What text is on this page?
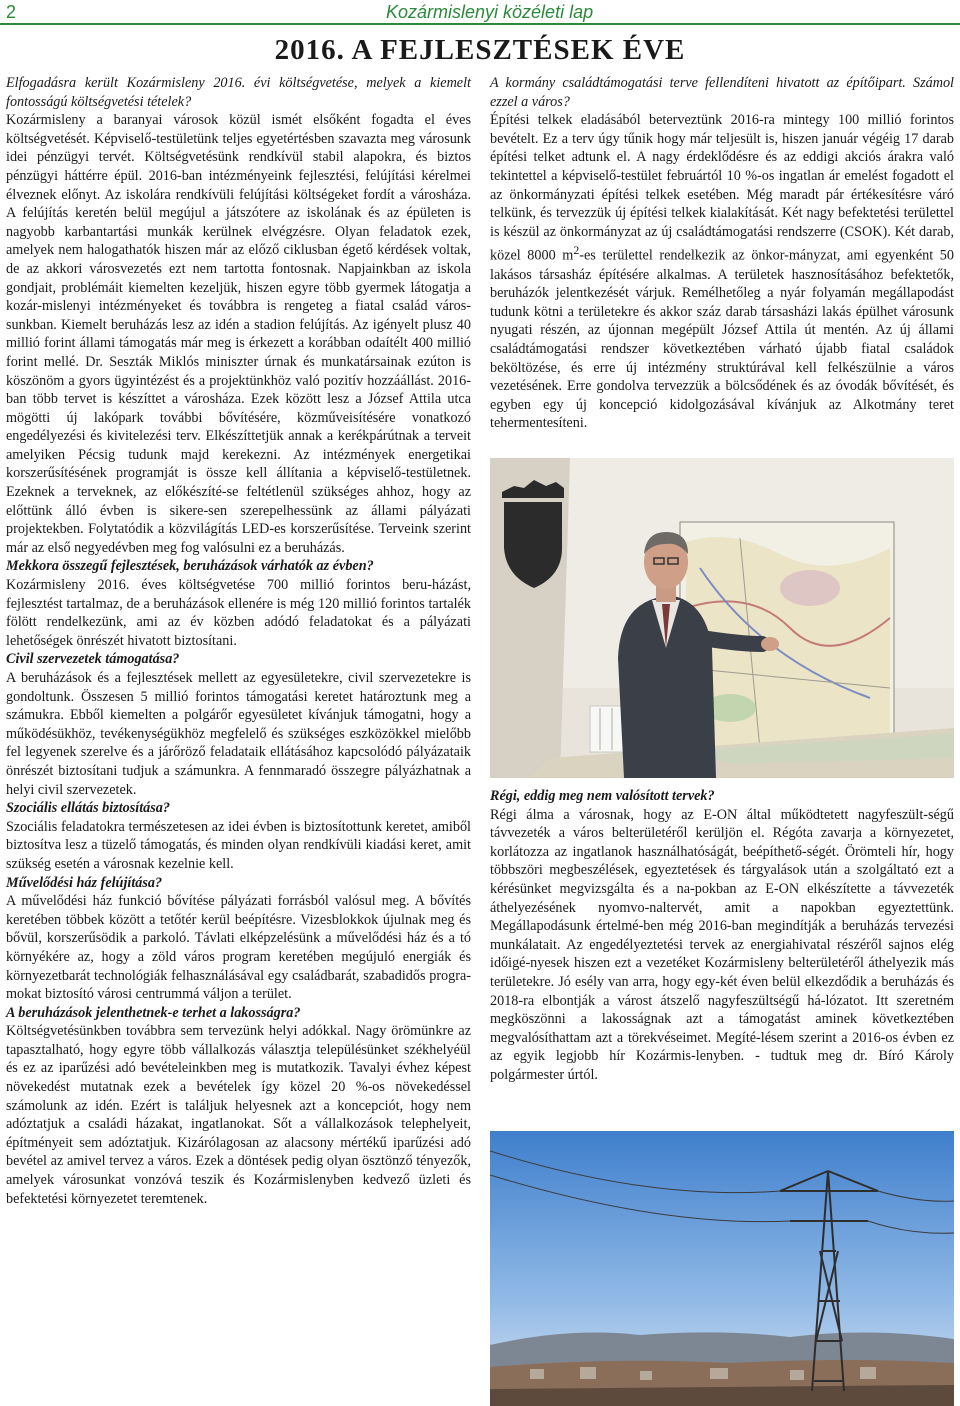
2	Kozármislenyi közéleti lap
2016. A FEJLESZTÉSEK ÉVE

Elfogadásra került Kozármisleny 2016. évi költségvetése, melyek a kiemelt fontosságú költségvetési tételek?

Kozármisleny a baranyai városok közül ismét elsőként fogadta el éves költségvetését. Képviselő-testületünk teljes egyetértésben szavazta meg városunk idei pénzügyi tervét. Költségvetésünk rendkívül stabil alapokra, és biztos pénzügyi háttérre épül. 2016-ban intézményeink fejlesztési, felújítási kérelmei élveznek előnyt. Az iskolára rendkívüli felújítási költségeket fordít a városháza. A felújítás keretén belül megújul a játszótere az iskolának és az épületen is nagyobb karbantartási munkák kerülnek elvégzésre. Olyan feladatok ezek, amelyek nem halogathatók hiszen már az előző ciklusban égető kérdések voltak, de az akkori városvezetés ezt nem tartotta fontosnak. Napjainkban az iskola gondjait, problémáit kiemelten kezeljük, hiszen egyre több gyermek látogatja a kozár-mislenyi intézményeket és továbbra is rengeteg a fiatal család város-sunkban. Kiemelt beruházás lesz az idén a stadion felújítás. Az igényelt plusz 40 millió forint állami támogatás már meg is érkezett a korábban odaítélt 400 millió forint mellé. Dr. Seszták Miklós miniszter úrnak és munkatársainak ezúton is köszönöm a gyors ügyintézést és a projektünkhöz való pozitív hozzáállást. 2016-ban több tervet is készíttet a városháza. Ezek között lesz a József Attila utca mögötti új lakópark további bővítésére, közműveisítésére vonatkozó engedélyezési és kivitelezési terv. Elkészíttetjük annak a kerékpárútnak a terveit amelyiken Pécsig tudunk majd kerekezni. Az intézmények energetikai korszerűsítésének programját is össze kell állítania a képviselő-testületnek. Ezeknek a terveknek, az előkészíté-se feltétlenül szükséges ahhoz, hogy az előttünk álló évben is sikere-sen szerepelhessünk az állami pályázati projektekben. Folytatódik a közvilágítás LED-es korszerűsítése. Terveink szerint már az első negyedévben meg fog valósulni ez a beruházás.

Mekkora összegű fejlesztések, beruházások várhatók az évben?

Kozármisleny 2016. éves költségvetése 700 millió forintos beru-házást, fejlesztést tartalmaz, de a beruházások ellenére is még 120 millió forintos tartalék fölött rendelkezünk, ami az év közben adódó feladatokat és a pályázati lehetőségek önrészét hivatott biztosítani.

Civil szervezetek támogatása?

A beruházások és a fejlesztések mellett az egyesületekre, civil szervezetekre is gondoltunk. Összesen 5 millió forintos támogatási keretet határoztunk meg a számukra. Ebből kiemelten a polgárőr egyesületet kívánjuk támogatni, hogy a működésükhöz, tevékenységükhöz megfelelő és szükséges eszközökkel mielőbb fel legyenek szerelve és a járőröző feladataik ellátásához kapcsolódó pályázataik önrészét biztosítani tudjuk a számunkra. A fennmaradó összegre pályázhatnak a helyi civil szervezetek.

Szociális ellátás biztosítása?

Szociális feladatokra természetesen az idei évben is biztosítottunk keretet, amiből biztosítva lesz a tüzelő támogatás, és minden olyan rendkívüli kiadási keret, amit szükség esetén a városnak kezelnie kell.

Művelődési ház felújítása?

A művelődési ház funkció bővítése pályázati forrásból valósul meg. A bővítés keretében többek között a tetőtér kerül beépítésre. Vizesblokkok újulnak meg és bővül, korszerűsödik a parkoló. Távlati elképzelésünk a művelődési ház és a tó környékére az, hogy a zöld város program keretében megújuló energiák és környezetbarát technológiák felhasználásával egy családbarát, szabadidős progra-mokat biztosító városi centrummá váljon a terület.

A beruházások jelenthetnek-e terhet a lakosságra?

Költségvetésünkben továbbra sem tervezünk helyi adókkal. Nagy örömünkre az tapasztalható, hogy egyre több vállalkozás választja településünket székhelyéül és ez az iparűzési adó bevételeinkben meg is mutatkozik. Tavalyi évhez képest növekedést mutatnak ezek a bevételek így közel 20 %-os növekedéssel számolunk az idén. Ezért is találjuk helyesnek azt a koncepciót, hogy nem adóztatjuk a családi házakat, ingatlanokat. Sőt a vállalkozások telephelyeit, építményeit sem adóztatjuk. Kizárólagosan az alacsony mértékű iparűzési adó bevétel az amivel tervez a város. Ezek a döntések pedig olyan ösztönző tényezők, amelyek városunkat vonzóvá teszik és Kozármislenyben kedvező üzleti és befektetési környezetet teremtenek.

A kormány családtámogatási terve fellendíteni hivatott az építőipart. Számol ezzel a város?

Építési telkek eladásából beterveztünk 2016-ra mintegy 100 millió forintos bevételt. Ez a terv úgy tűnik hogy már teljesült is, hiszen január végéig 17 darab építési telket adtunk el. A nagy érdeklődésre és az eddigi akciós árakra való tekintettel a képviselő-testület februártól 10 %-os ingatlan ár emelést fogadott el az önkormányzati építési telkek esetében. Még maradt pár értékesítésre váró telkünk, és tervezzük új építési telkek kialakítását. Két nagy befektetési területtel is készül az önkormányzat az új családtámogatási rendszerre (CSOK). Két darab, közel 8000 $m^2-es$ területtel rendelkezik az önkor-mányzat, ami egyenként 50 lakásos társasház építésére alkalmas. A területek hasznosításához befektetők, beruházók jelentkezését várjuk. Remélhetőleg a nyár folyamán megállapodást tudunk kötni a területekre és akkor száz darab társasházi lakás épülhet városunk nyugati részén, az újonnan megépült József Attila út mentén. Az új állami családtámogatási rendszer következtében várható újabb fiatal családok beköltözése, és erre új intézmény struktúrával kell felkészülnie a város vezetésének. Erre gondolva tervezzük a bölcsődének és az óvodák bővítését, és egyben egy új koncepció kidolgozásával kívánjuk az Alkotmány teret tehermentesíteni.

Régi, eddig meg nem valósított tervek?

Régi álma a városnak, hogy az E-ON által működtetett nagyfeszült-ségű távvezeték a város belterületéről kerüljön el. Régóta zavarja a környezetet, korlátozza az ingatlanok használhatóságát, beépíthető-ségét. Örömteli hír, hogy többszöri megbeszélések, egyeztetések és tárgyalások után a szolgáltató ezt a kérésünket megvizsgálta és a na-pokban az E-ON elkészítette a távvezeték áthelyezésének nyomvo-naltervét, amit a napokban egyeztettünk. Megállapodásunk értelmé-ben még 2016-ban megindítják a beruházás tervezési munkálatait. Az engedélyeztetési tervek az energiahivatal részéről sajnos elég időigé-nyesek hiszen ezt a vezetéket Kozármisleny belterületéről áthelyezik más területekre. Jó esély van arra, hogy egy-két éven belül elkezdődik a beruházás és 2018-ra elbontják a várost átszelő nagyfeszültségű há-lózatot. Itt szeretném megköszönni a lakosságnak azt a támogatást aminek következtében megvalósíthattam azt a törekvéseimet. Megíté-lésem szerint a 2016-os évben ez az egyik legjobb hír Kozármis-lenyben. - tudtuk meg dr. Bíró Károly polgármester úrtól.
